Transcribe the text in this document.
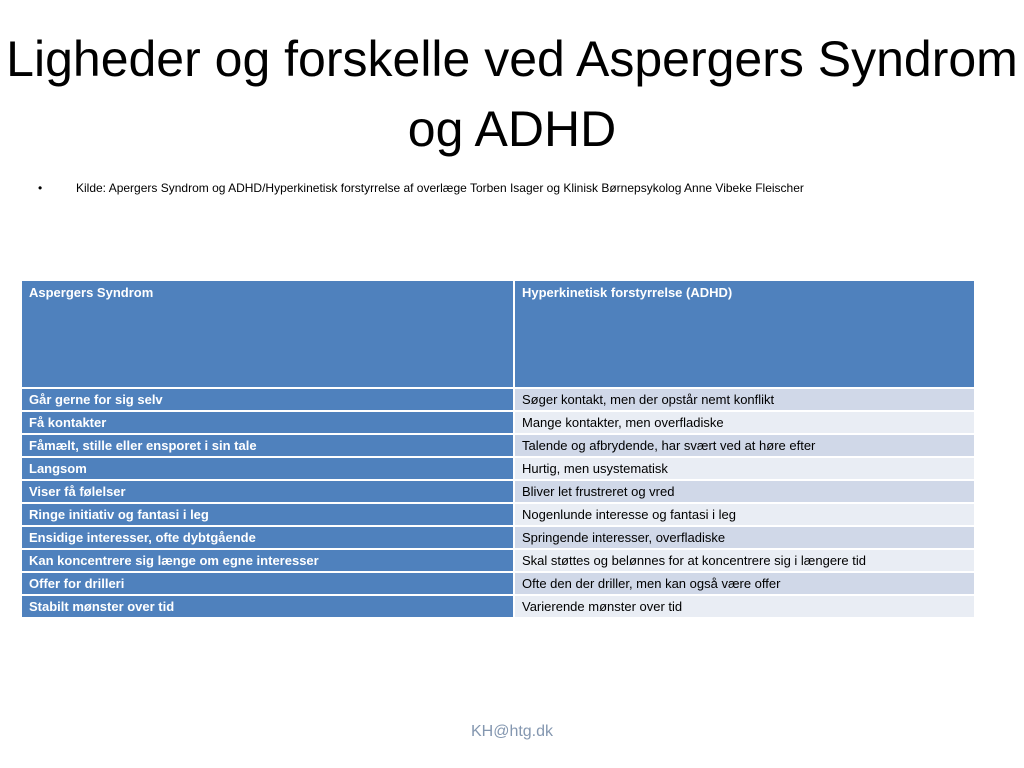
Ligheder og forskelle ved Aspergers Syndrom og ADHD
•	Kilde: Apergers Syndrom og ADHD/Hyperkinetisk forstyrrelse af overlæge Torben Isager og Klinisk Børnepsykolog Anne Vibeke Fleischer
Aspergers Syndrom	Hyperkinetisk forstyrrelse (ADHD)
Går gerne for sig selv	Søger kontakt, men der opstår nemt konflikt
Få kontakter	Mange kontakter, men overfladiske
Fåmælt, stille eller ensporet i sin tale	Talende og afbrydende, har svært ved at høre efter
Langsom	Hurtig, men usystematisk
Viser få følelser	Bliver let frustreret og vred
Ringe initiativ og fantasi i leg	Nogenlunde interesse og fantasi i leg
Ensidige interesser, ofte dybtgående	Springende interesser, overfladiske
Kan koncentrere sig længe om egne interesser	Skal støttes og belønnes for at koncentrere sig i længere tid
Offer for drilleri	Ofte den der driller, men kan også være offer
Stabilt mønster over tid	Varierende mønster over tid
KH@htg.dk
